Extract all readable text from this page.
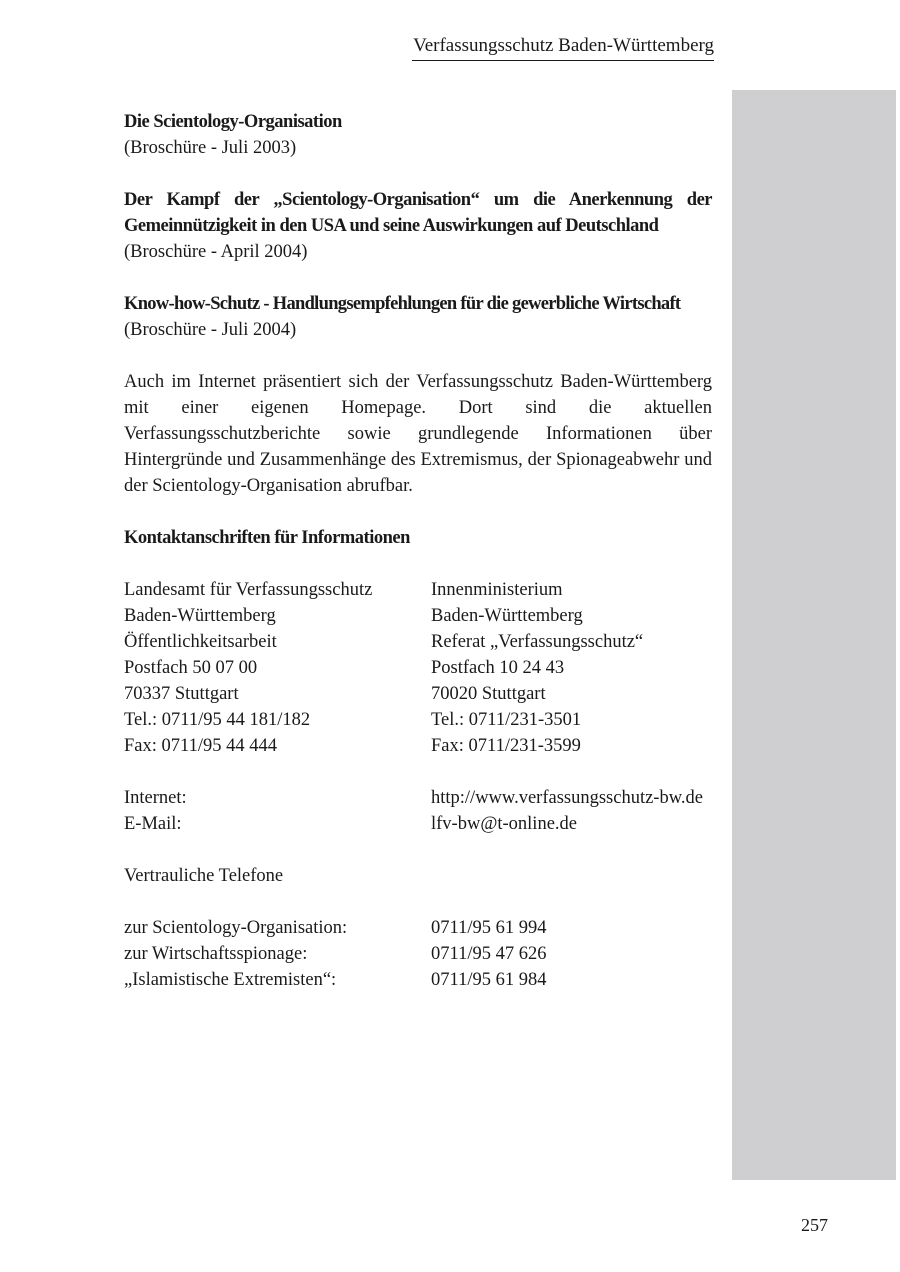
Verfassungsschutz Baden-Württemberg
Die Scientology-Organisation
(Broschüre - Juli 2003)
Der Kampf der „Scientology-Organisation“ um die Anerkennung der Gemeinnützigkeit in den USA und seine Auswirkungen auf Deutschland
(Broschüre - April 2004)
Know-how-Schutz - Handlungsempfehlungen für die gewerbliche Wirtschaft
(Broschüre - Juli 2004)
Auch im Internet präsentiert sich der Verfassungsschutz Baden-Württemberg mit einer eigenen Homepage. Dort sind die aktuellen Verfassungsschutzberichte sowie grundlegende Informationen über Hintergründe und Zusammenhänge des Extremismus, der Spionageabwehr und der Scientology-Organisation abrufbar.
Kontaktanschriften für Informationen
Landesamt für Verfassungsschutz	Innenministerium
Baden-Württemberg	Baden-Württemberg
Öffentlichkeitsarbeit	Referat „Verfassungsschutz“
Postfach 50 07 00	Postfach 10 24 43
70337 Stuttgart	70020 Stuttgart
Tel.: 0711/95 44 181/182	Tel.: 0711/231-3501
Fax: 0711/95 44 444	Fax: 0711/231-3599

Internet:	http://www.verfassungsschutz-bw.de
E-Mail:	lfv-bw@t-online.de

Vertrauliche Telefone	

zur Scientology-Organisation:	0711/95 61 994
zur Wirtschaftsspionage:	0711/95 47 626
„Islamistische Extremisten“:	0711/95 61 984
257
